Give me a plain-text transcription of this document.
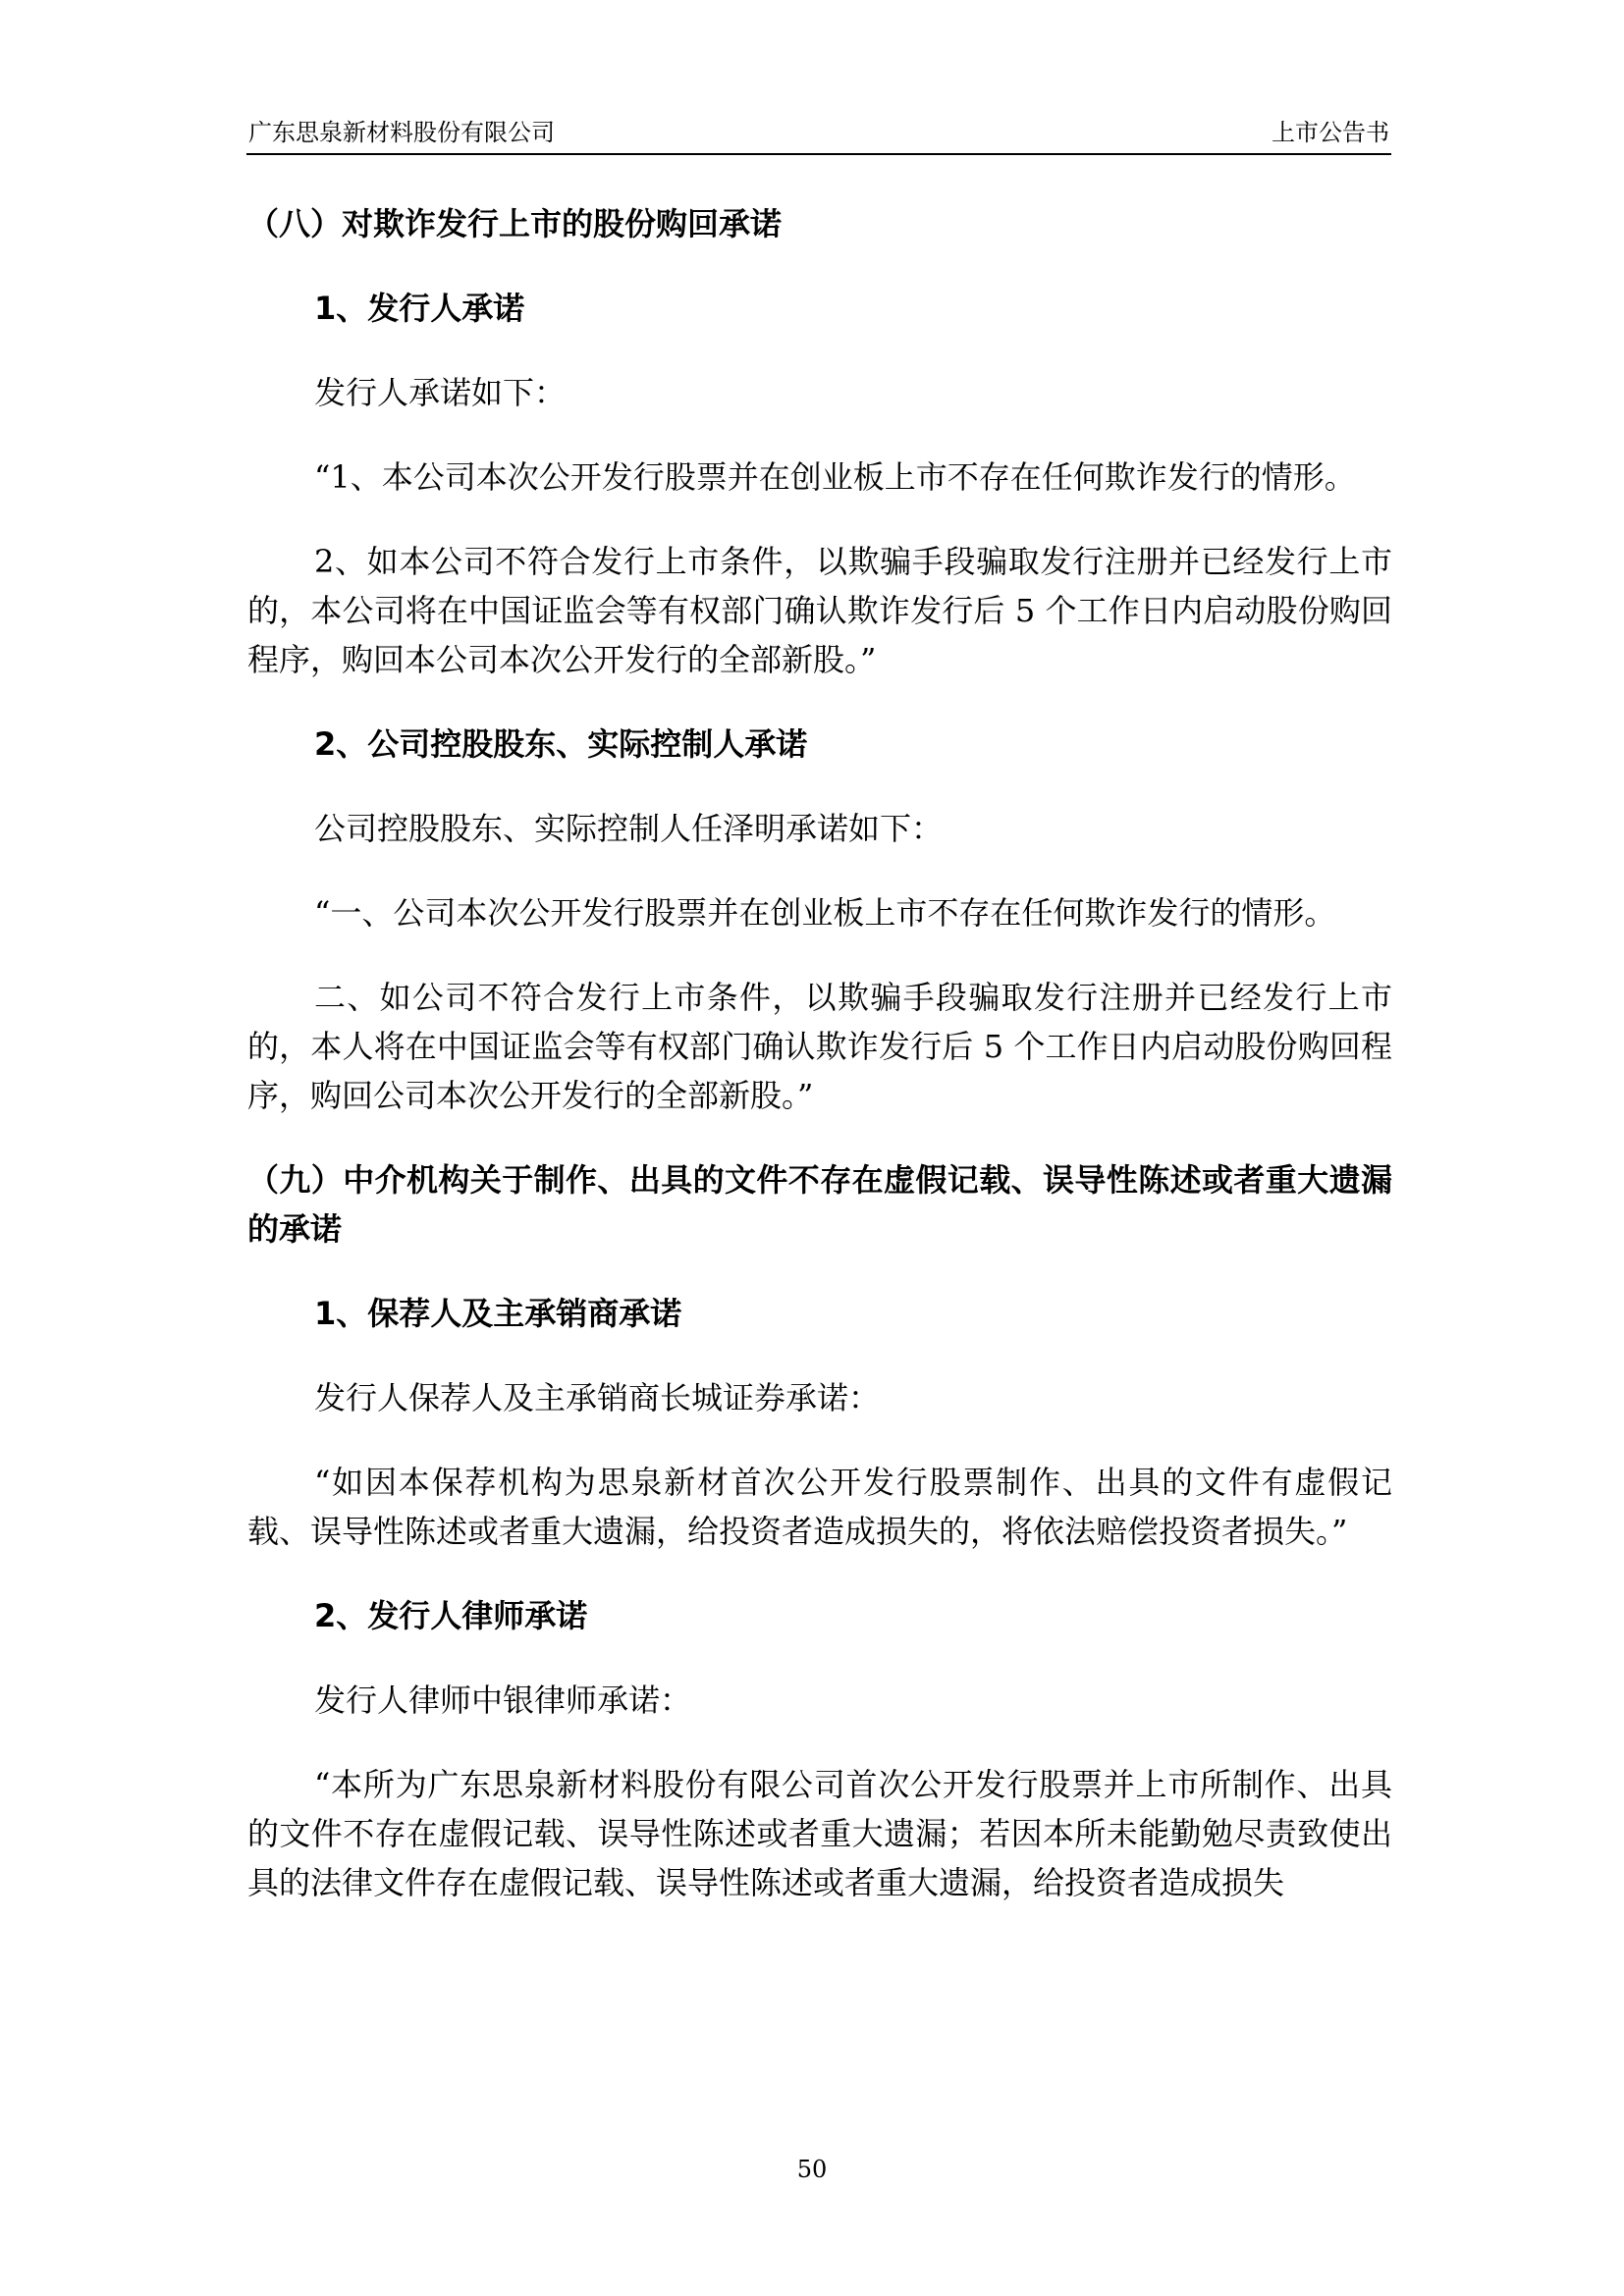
广东思泉新材料股份有限公司	上市公告书

（八）对欺诈发行上市的股份购回承诺

1、发行人承诺

发行人承诺如下：

“1、本公司本次公开发行股票并在创业板上市不存在任何欺诈发行的情形。

2、如本公司不符合发行上市条件，以欺骗手段骗取发行注册并已经发行上市的，本公司将在中国证监会等有权部门确认欺诈发行后 5 个工作日内启动股份购回程序，购回本公司本次公开发行的全部新股。”

2、公司控股股东、实际控制人承诺

公司控股股东、实际控制人任泽明承诺如下：

“一、公司本次公开发行股票并在创业板上市不存在任何欺诈发行的情形。

二、如公司不符合发行上市条件，以欺骗手段骗取发行注册并已经发行上市的，本人将在中国证监会等有权部门确认欺诈发行后 5 个工作日内启动股份购回程序，购回公司本次公开发行的全部新股。”

（九）中介机构关于制作、出具的文件不存在虚假记载、误导性陈述或者重大遗漏的承诺

1、保荐人及主承销商承诺

发行人保荐人及主承销商长城证券承诺：

“如因本保荐机构为思泉新材首次公开发行股票制作、出具的文件有虚假记载、误导性陈述或者重大遗漏，给投资者造成损失的，将依法赔偿投资者损失。”

2、发行人律师承诺

发行人律师中银律师承诺：

“本所为广东思泉新材料股份有限公司首次公开发行股票并上市所制作、出具的文件不存在虚假记载、误导性陈述或者重大遗漏；若因本所未能勤勉尽责致使出具的法律文件存在虚假记载、误导性陈述或者重大遗漏，给投资者造成损失

50
